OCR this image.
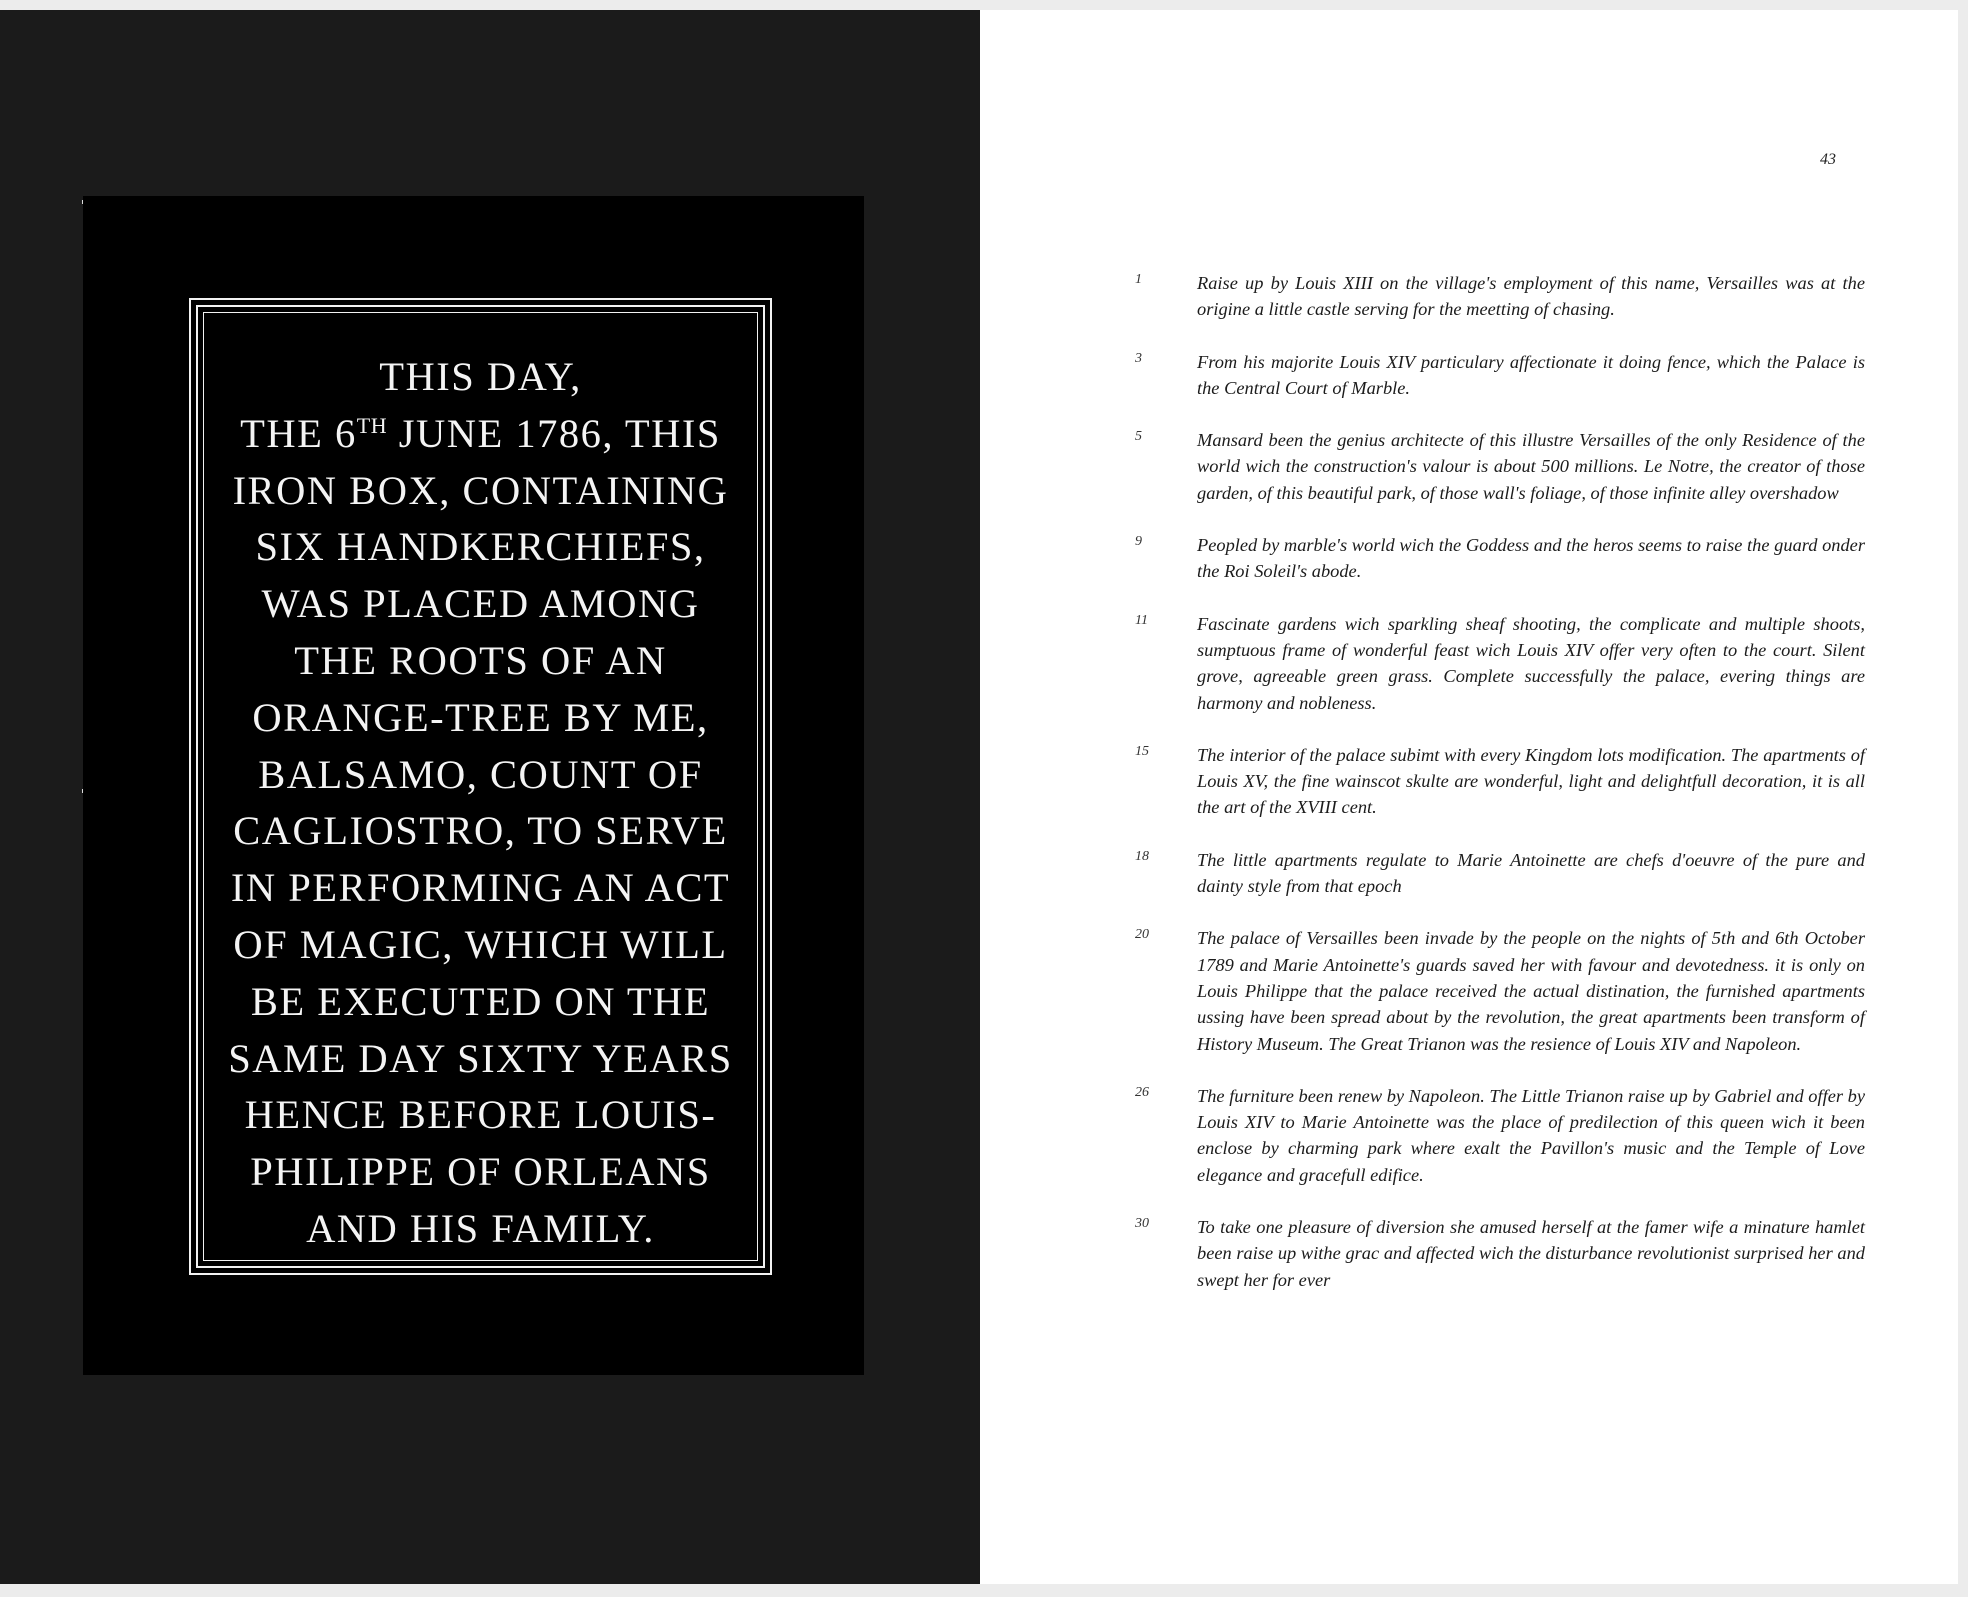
THIS DAY,
THE 6TH JUNE 1786, THIS
IRON BOX, CONTAINING
SIX HANDKERCHIEFS,
WAS PLACED AMONG
THE ROOTS OF AN
ORANGE-TREE BY ME,
BALSAMO, COUNT OF
CAGLIOSTRO, TO SERVE
IN PERFORMING AN ACT
OF MAGIC, WHICH WILL
BE EXECUTED ON THE
SAME DAY SIXTY YEARS
HENCE BEFORE LOUIS-
PHILIPPE OF ORLEANS
AND HIS FAMILY.
43
1	Raise up by Louis XIII on the village's employment of this name, Versailles was at the origine a little castle serving for the meetting of chasing.
3	From his majorite Louis XIV particulary affectionate it doing fence, which the Palace is the Central Court of Marble.
5	Mansard been the genius architecte of this illustre Versailles of the only Residence of the world wich the construction's valour is about 500 millions. Le Notre, the creator of those garden, of this beautiful park, of those wall's foliage, of those infinite alley overshadow
9	Peopled by marble's world wich the Goddess and the heros seems to raise the guard onder the Roi Soleil's abode.
11	Fascinate gardens wich sparkling sheaf shooting, the complicate and multiple shoots, sumptuous frame of wonderful feast wich Louis XIV offer very often to the court. Silent grove, agreeable green grass. Complete successfully the palace, evering things are harmony and nobleness.
15	The interior of the palace subimt with every Kingdom lots modification. The apartments of Louis XV, the fine wainscot skulte are wonderful, light and delightfull decoration, it is all the art of the XVIII cent.
18	The little apartments regulate to Marie Antoinette are chefs d'oeuvre of the pure and dainty style from that epoch
20	The palace of Versailles been invade by the people on the nights of 5th and 6th October 1789 and Marie Antoinette's guards saved her with favour and devotedness. it is only on Louis Philippe that the palace received the actual distination, the furnished apartments ussing have been spread about by the revolution, the great apartments been transform of History Museum. The Great Trianon was the resience of Louis XIV and Napoleon.
26	The furniture been renew by Napoleon. The Little Trianon raise up by Gabriel and offer by Louis XIV to Marie Antoinette was the place of predilection of this queen wich it been enclose by charming park where exalt the Pavillon's music and the Temple of Love elegance and gracefull edifice.
30	To take one pleasure of diversion she amused herself at the famer wife a minature hamlet been raise up withe grac and affected wich the disturbance revolutionist surprised her and swept her for ever
